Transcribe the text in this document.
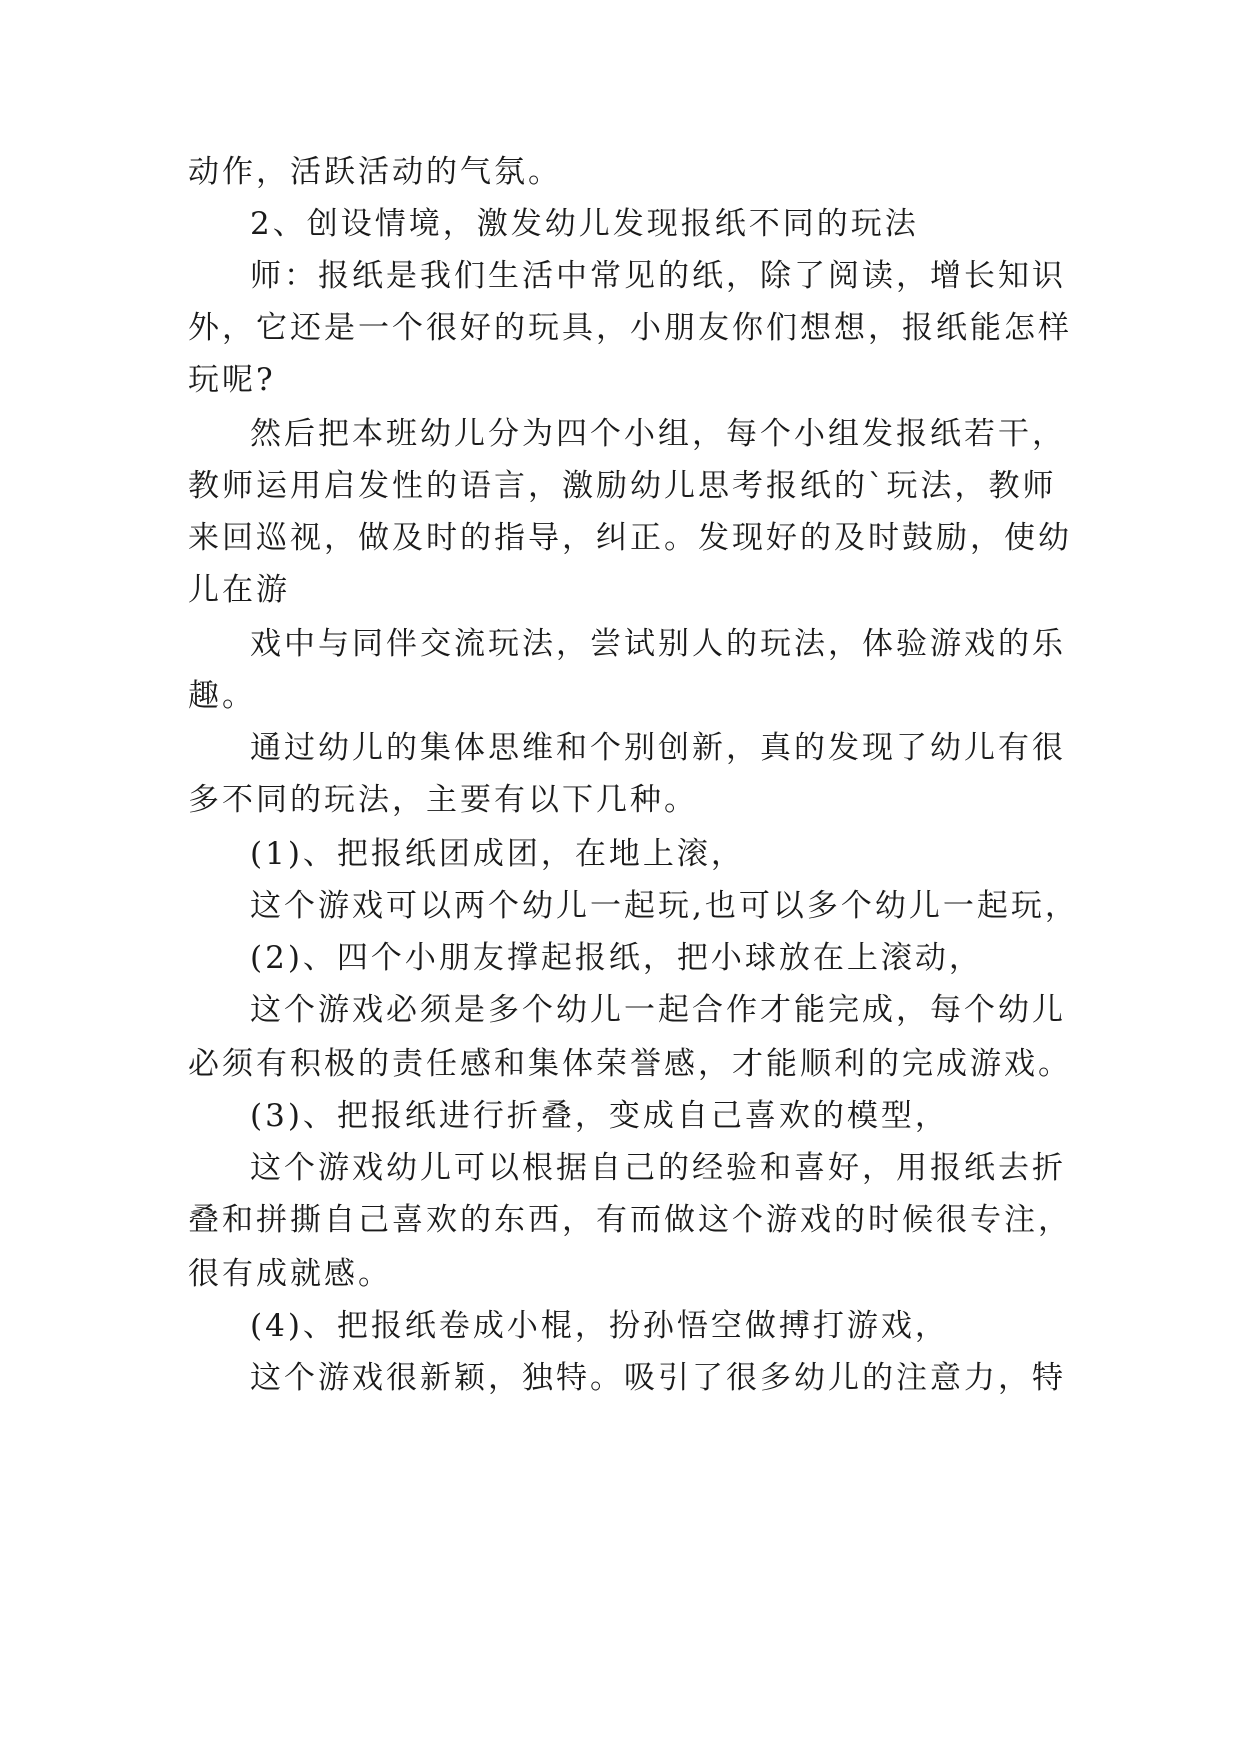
动作，活跃活动的气氛。
2、创设情境，激发幼儿发现报纸不同的玩法
师：报纸是我们生活中常见的纸，除了阅读，增长知识
外，它还是一个很好的玩具，小朋友你们想想，报纸能怎样
玩呢?
然后把本班幼儿分为四个小组，每个小组发报纸若干，
教师运用启发性的语言，激励幼儿思考报纸的`玩法，教师
来回巡视，做及时的指导，纠正。发现好的及时鼓励，使幼
儿在游
戏中与同伴交流玩法，尝试别人的玩法，体验游戏的乐
趣。
通过幼儿的集体思维和个别创新，真的发现了幼儿有很
多不同的玩法，主要有以下几种。
(1)、把报纸团成团，在地上滚，
这个游戏可以两个幼儿一起玩,也可以多个幼儿一起玩，
(2)、四个小朋友撑起报纸，把小球放在上滚动，
这个游戏必须是多个幼儿一起合作才能完成，每个幼儿
必须有积极的责任感和集体荣誉感，才能顺利的完成游戏。
(3)、把报纸进行折叠，变成自己喜欢的模型，
这个游戏幼儿可以根据自己的经验和喜好，用报纸去折
叠和拼撕自己喜欢的东西，有而做这个游戏的时候很专注，
很有成就感。
(4)、把报纸卷成小棍，扮孙悟空做搏打游戏，
这个游戏很新颖，独特。吸引了很多幼儿的注意力，特
